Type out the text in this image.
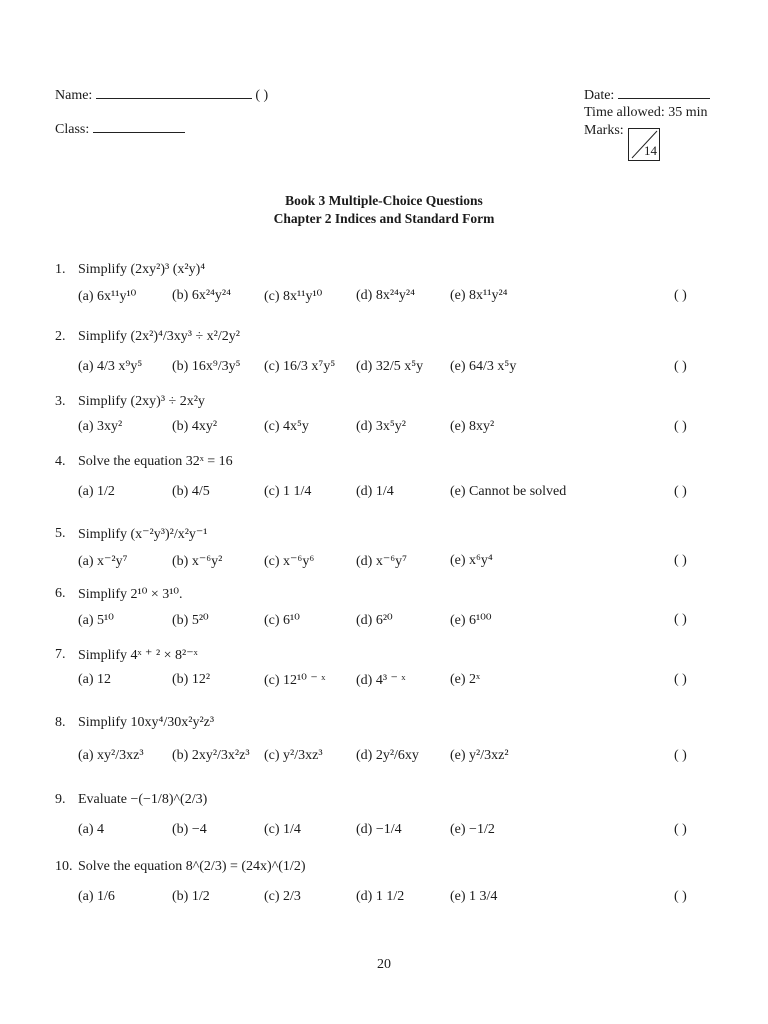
Name:	( )
Class:
Date:
Time allowed: 35 min
Marks:
14
Book 3 Multiple-Choice Questions
Chapter 2 Indices and Standard Form
1. Simplify (2xy²)³ (x²y)⁴
(a) 6x¹¹y¹⁰	(b) 6x²⁴y²⁴ (c) 8x¹¹y¹⁰ (d) 8x²⁴y²⁴	(e) 8x¹¹y²⁴	( )
2. Simplify (2x²)⁴/3xy³ ÷ x²/2y²
(a) 4/3 x⁹y⁵ (b) 16x⁹/3y⁵ (c) 16/3 x⁷y⁵ (d) 32/5 x⁵y (e) 64/3 x⁵y	( )
3. Simplify (2xy)³ ÷ 2x²y
(a) 3xy²	(b) 4xy²	(c) 4x⁵y	(d) 3x⁵y²	(e) 8xy²	( )
4. Solve the equation 32ˣ = 16
(a) 1/2	(b) 4/5	(c) 1 1/4	(d) 1/4	(e) Cannot be solved	( )
5. Simplify (x⁻²y³)²/x²y⁻¹
(a) x⁻²y⁷	(b) x⁻⁶y²	(c) x⁻⁶y⁶	(d) x⁻⁶y⁷	(e) x⁶y⁴	( )
6. Simplify 2¹⁰ × 3¹⁰.
(a) 5¹⁰	(b) 5²⁰	(c) 6¹⁰	(d) 6²⁰	(e) 6¹⁰⁰	( )
7. Simplify 4ˣ ⁺ ² × 8²⁻ˣ
(a) 12	(b) 12²	(c) 12¹⁰ ⁻ ˣ (d) 4³ ⁻ ˣ	(e) 2ˣ	( )
8. Simplify 10xy⁴/30x²y²z³
(a) xy²/3xz³ (b) 2xy²/3x²z³ (c) y²/3xz³ (d) 2y²/6xy (e) y²/3xz²	( )
9. Evaluate −(−1/8)^(2/3)
(a) 4	(b) −4	(c) 1/4	(d) −1/4	(e) −1/2	( )
10. Solve the equation 8^(2/3) = (24x)^(1/2)
(a) 1/6	(b) 1/2	(c) 2/3	(d) 1 1/2	(e) 1 3/4	( )
20
